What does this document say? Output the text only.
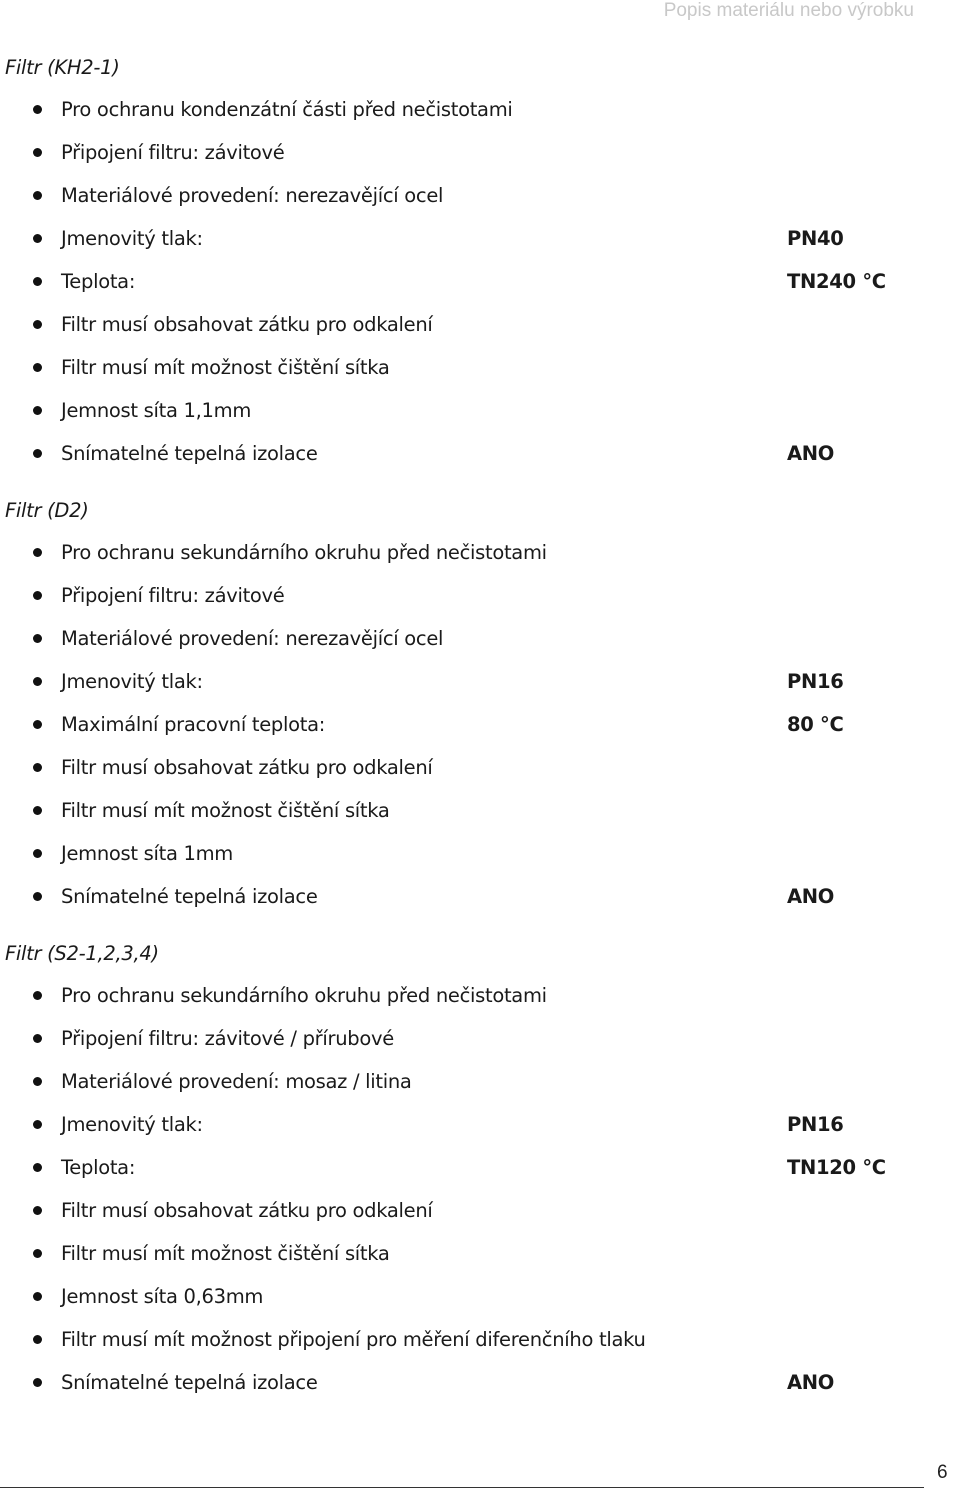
Popis materiálu nebo výrobku
Filtr (KH2-1)
Pro ochranu kondenzátní části před nečistotami
Připojení filtru: závitové
Materiálové provedení: nerezavějící ocel
Jmenovitý tlak:	PN40
Teplota:	TN240 °C
Filtr musí obsahovat zátku pro odkalení
Filtr musí mít možnost čištění sítka
Jemnost síta 1,1mm
Snímatelné tepelná izolace	ANO
Filtr (D2)
Pro ochranu sekundárního okruhu před nečistotami
Připojení filtru: závitové
Materiálové provedení: nerezavějící ocel
Jmenovitý tlak:	PN16
Maximální pracovní teplota:	80 °C
Filtr musí obsahovat zátku pro odkalení
Filtr musí mít možnost čištění sítka
Jemnost síta 1mm
Snímatelné tepelná izolace	ANO
Filtr (S2-1,2,3,4)
Pro ochranu sekundárního okruhu před nečistotami
Připojení filtru: závitové / přírubové
Materiálové provedení: mosaz / litina
Jmenovitý tlak:	PN16
Teplota:	TN120 °C
Filtr musí obsahovat zátku pro odkalení
Filtr musí mít možnost čištění sítka
Jemnost síta 0,63mm
Filtr musí mít možnost připojení pro měření diferenčního tlaku
Snímatelné tepelná izolace	ANO
6
